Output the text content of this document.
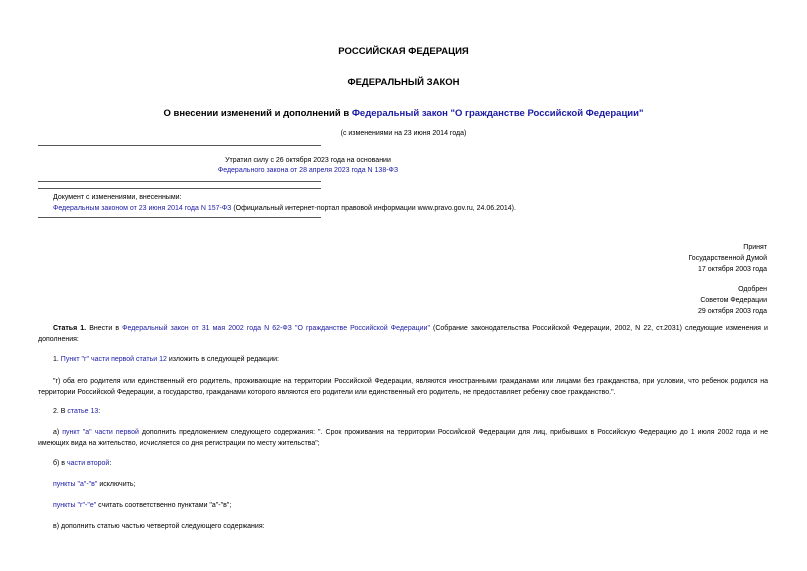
РОССИЙСКАЯ ФЕДЕРАЦИЯ
ФЕДЕРАЛЬНЫЙ ЗАКОН
О внесении изменений и дополнений в Федеральный закон "О гражданстве Российской Федерации"
(с изменениями на 23 июня 2014 года)
Утратил силу с 26 октября 2023 года на основании
Федерального закона от 28 апреля 2023 года N 138-ФЗ
Документ с изменениями, внесенными:
Федеральным законом от 23 июня 2014 года N 157-ФЗ (Официальный интернет-портал правовой информации www.pravo.gov.ru, 24.06.2014).
Принят
Государственной Думой
17 октября 2003 года
Одобрен
Советом Федерации
29 октября 2003 года
Статья 1. Внести в Федеральный закон от 31 мая 2002 года N 62-ФЗ "О гражданстве Российской Федерации" (Собрание законодательства Российской Федерации, 2002, N 22, ст.2031) следующие изменения и дополнения:
1. Пункт "г" части первой статьи 12 изложить в следующей редакции:
"г) оба его родителя или единственный его родитель, проживающие на территории Российской Федерации, являются иностранными гражданами или лицами без гражданства, при условии, что ребенок родился на территории Российской Федерации, а государство, гражданами которого являются его родители или единственный его родитель, не предоставляет ребенку свое гражданство.".
2. В статье 13:
а) пункт "а" части первой дополнить предложением следующего содержания: ". Срок проживания на территории Российской Федерации для лиц, прибывших в Российскую Федерацию до 1 июля 2002 года и не имеющих вида на жительство, исчисляется со дня регистрации по месту жительства";
б) в части второй:
пункты "а"-"в" исключить;
пункты "г"-"е" считать соответственно пунктами "а"-"в";
в) дополнить статью частью четвертой следующего содержания:
